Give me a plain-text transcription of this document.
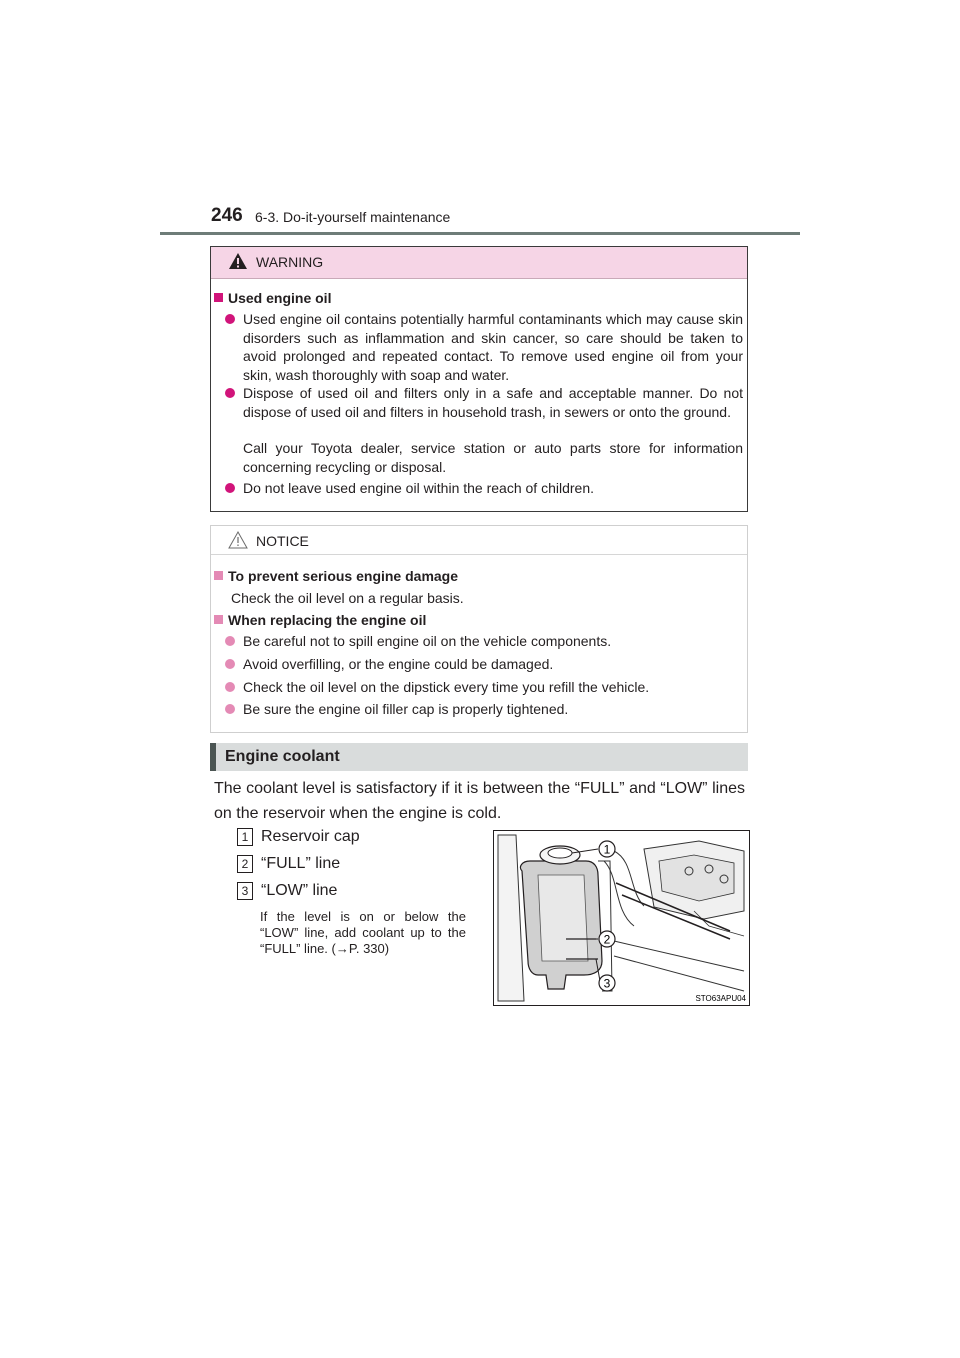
246 6-3. Do-it-yourself maintenance
WARNING
Used engine oil
Used engine oil contains potentially harmful contaminants which may cause skin disorders such as inflammation and skin cancer, so care should be taken to avoid prolonged and repeated contact. To remove used engine oil from your skin, wash thoroughly with soap and water.
Dispose of used oil and filters only in a safe and acceptable manner. Do not dispose of used oil and filters in household trash, in sewers or onto the ground.
Call your Toyota dealer, service station or auto parts store for information concerning recycling or disposal.
Do not leave used engine oil within the reach of children.
NOTICE
To prevent serious engine damage
Check the oil level on a regular basis.
When replacing the engine oil
Be careful not to spill engine oil on the vehicle components.
Avoid overfilling, or the engine could be damaged.
Check the oil level on the dipstick every time you refill the vehicle.
Be sure the engine oil filler cap is properly tightened.
Engine coolant
The coolant level is satisfactory if it is between the “FULL” and “LOW” lines on the reservoir when the engine is cold.
1 Reservoir cap
2 “FULL” line
3 “LOW” line
If the level is on or below the “LOW” line, add coolant up to the “FULL” line. (→P. 330)
1
2
3
STO63APU04
